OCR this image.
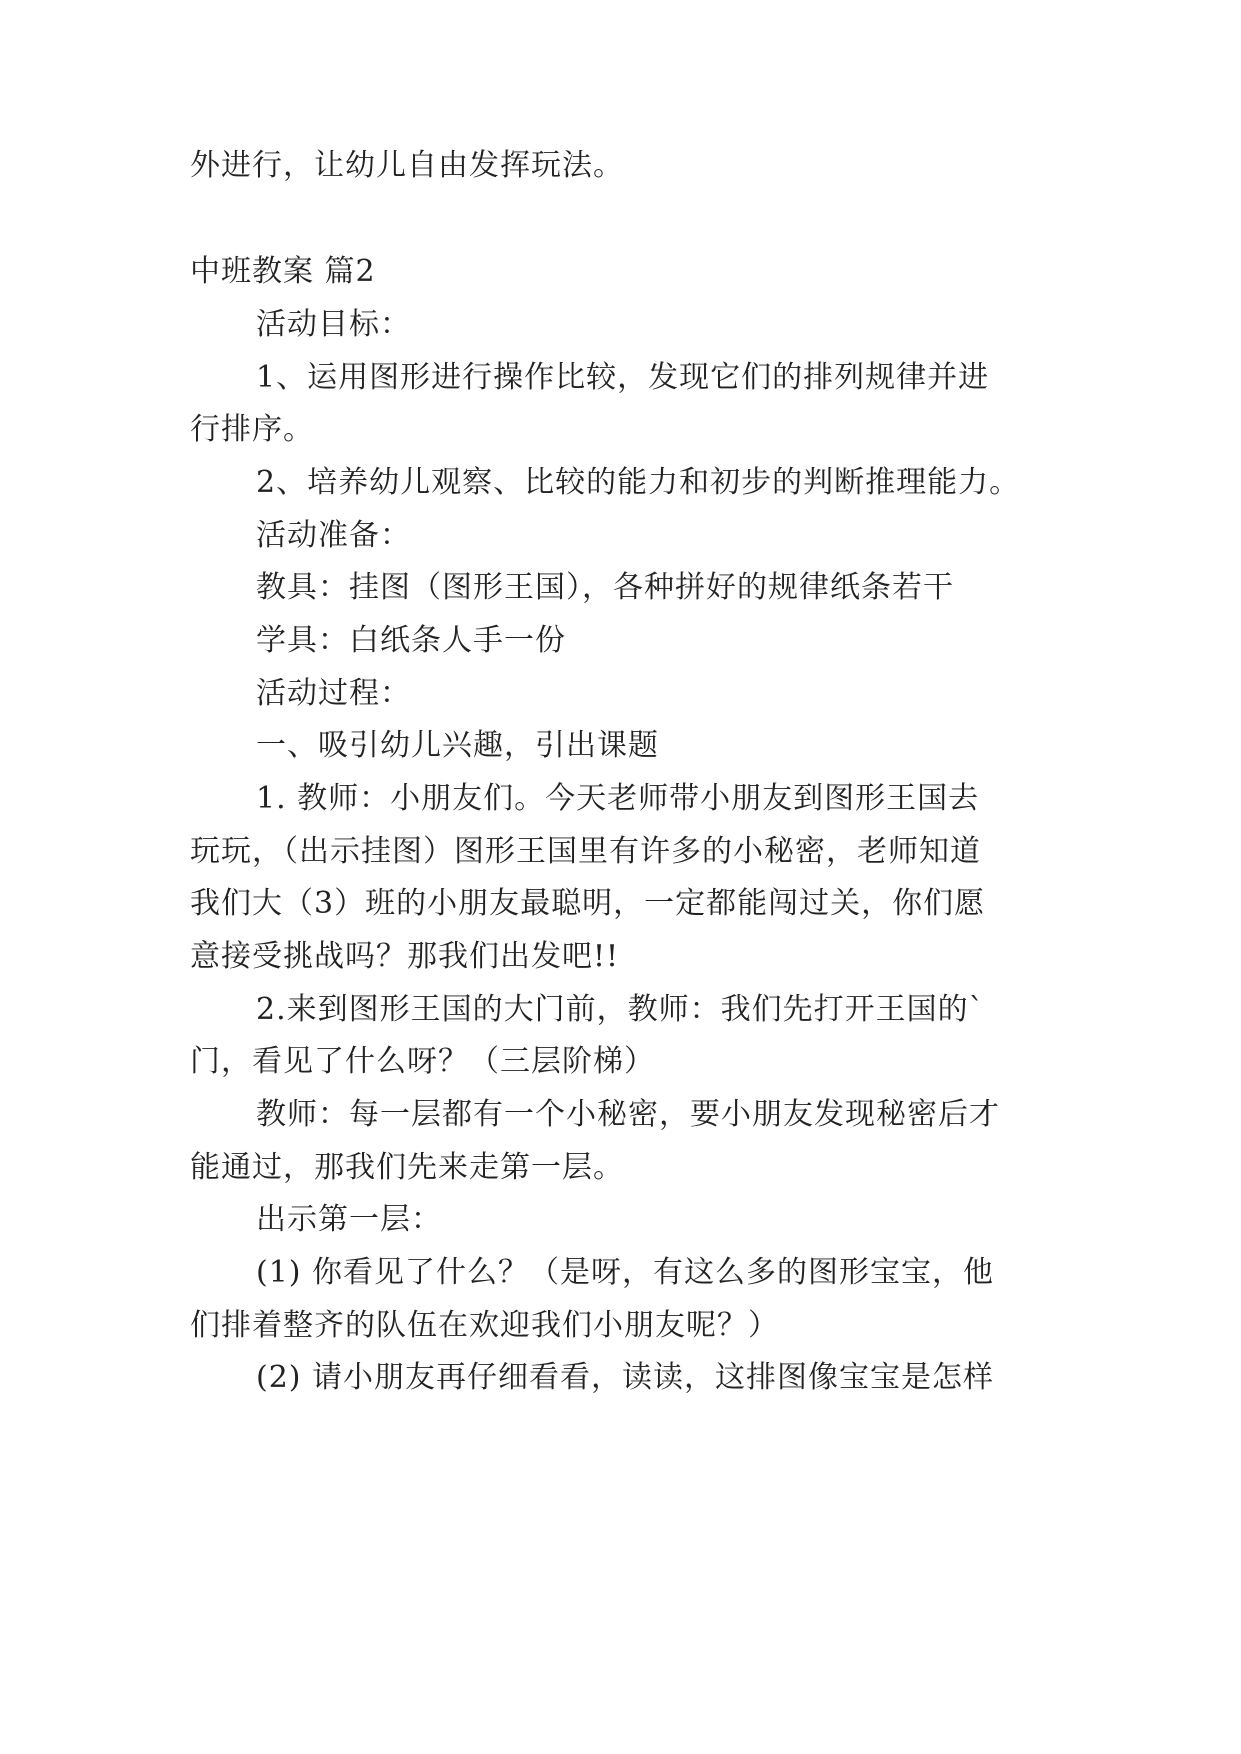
外进行，让幼儿自由发挥玩法。
中班教案 篇2
活动目标：
1、运用图形进行操作比较，发现它们的排列规律并进
行排序。
2、培养幼儿观察、比较的能力和初步的判断推理能力。
活动准备：
教具：挂图（图形王国），各种拼好的规律纸条若干
学具：白纸条人手一份
活动过程：
一、吸引幼儿兴趣，引出课题
1. 教师：小朋友们。今天老师带小朋友到图形王国去
玩玩，（出示挂图）图形王国里有许多的小秘密，老师知道
我们大（3）班的小朋友最聪明，一定都能闯过关，你们愿
意接受挑战吗？那我们出发吧!!
2.来到图形王国的大门前，教师：我们先打开王国的`
门，看见了什么呀？（三层阶梯）
教师：每一层都有一个小秘密，要小朋友发现秘密后才
能通过，那我们先来走第一层。
出示第一层：
(1) 你看见了什么？（是呀，有这么多的图形宝宝，他
们排着整齐的队伍在欢迎我们小朋友呢？）
(2) 请小朋友再仔细看看，读读，这排图像宝宝是怎样
